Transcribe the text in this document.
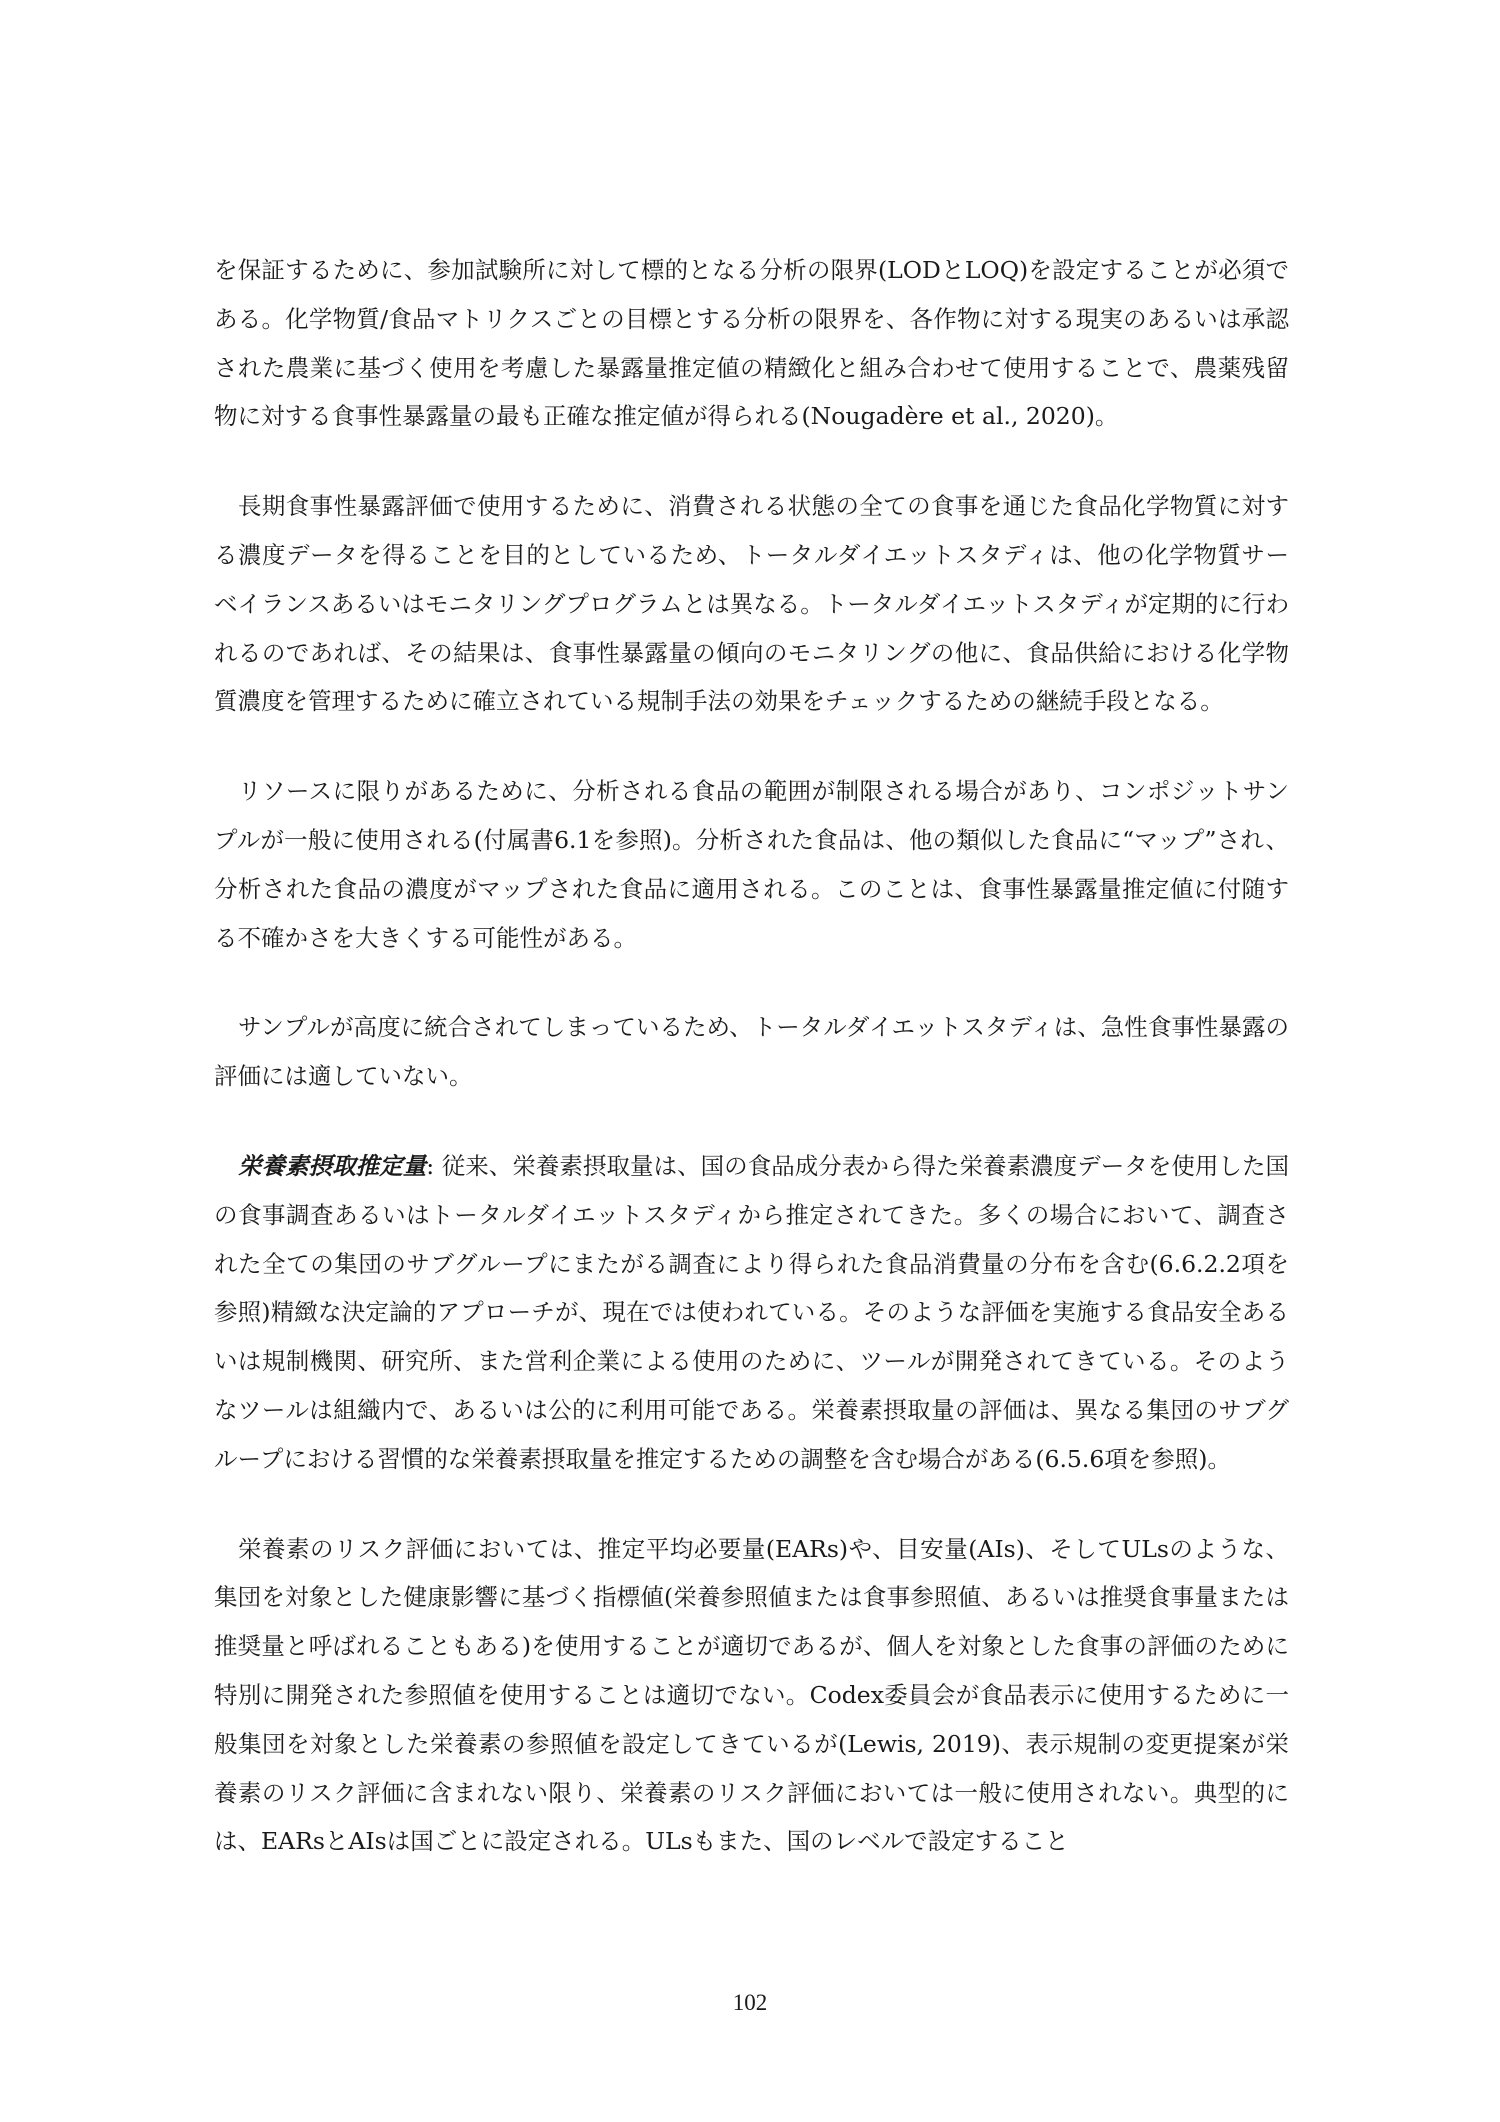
を保証するために、参加試験所に対して標的となる分析の限界(LODとLOQ)を設定することが必須である。化学物質/食品マトリクスごとの目標とする分析の限界を、各作物に対する現実のあるいは承認された農業に基づく使用を考慮した暴露量推定値の精緻化と組み合わせて使用することで、農薬残留物に対する食事性暴露量の最も正確な推定値が得られる(Nougadère et al., 2020)。

長期食事性暴露評価で使用するために、消費される状態の全ての食事を通じた食品化学物質に対する濃度データを得ることを目的としているため、トータルダイエットスタディは、他の化学物質サーベイランスあるいはモニタリングプログラムとは異なる。トータルダイエットスタディが定期的に行われるのであれば、その結果は、食事性暴露量の傾向のモニタリングの他に、食品供給における化学物質濃度を管理するために確立されている規制手法の効果をチェックするための継続手段となる。

リソースに限りがあるために、分析される食品の範囲が制限される場合があり、コンポジットサンプルが一般に使用される(付属書6.1を参照)。分析された食品は、他の類似した食品に“マップ”され、分析された食品の濃度がマップされた食品に適用される。このことは、食事性暴露量推定値に付随する不確かさを大きくする可能性がある。

サンプルが高度に統合されてしまっているため、トータルダイエットスタディは、急性食事性暴露の評価には適していない。

栄養素摂取推定量: 従来、栄養素摂取量は、国の食品成分表から得た栄養素濃度データを使用した国の食事調査あるいはトータルダイエットスタディから推定されてきた。多くの場合において、調査された全ての集団のサブグループにまたがる調査により得られた食品消費量の分布を含む(6.6.2.2項を参照)精緻な決定論的アプローチが、現在では使われている。そのような評価を実施する食品安全あるいは規制機関、研究所、また営利企業による使用のために、ツールが開発されてきている。そのようなツールは組織内で、あるいは公的に利用可能である。栄養素摂取量の評価は、異なる集団のサブグループにおける習慣的な栄養素摂取量を推定するための調整を含む場合がある(6.5.6項を参照)。

栄養素のリスク評価においては、推定平均必要量(EARs)や、目安量(AIs)、そしてULsのような、集団を対象とした健康影響に基づく指標値(栄養参照値または食事参照値、あるいは推奨食事量または推奨量と呼ばれることもある)を使用することが適切であるが、個人を対象とした食事の評価のために特別に開発された参照値を使用することは適切でない。Codex委員会が食品表示に使用するために一般集団を対象とした栄養素の参照値を設定してきているが(Lewis, 2019)、表示規制の変更提案が栄養素のリスク評価に含まれない限り、栄養素のリスク評価においては一般に使用されない。典型的には、EARsとAIsは国ごとに設定される。ULsもまた、国のレベルで設定すること

102
